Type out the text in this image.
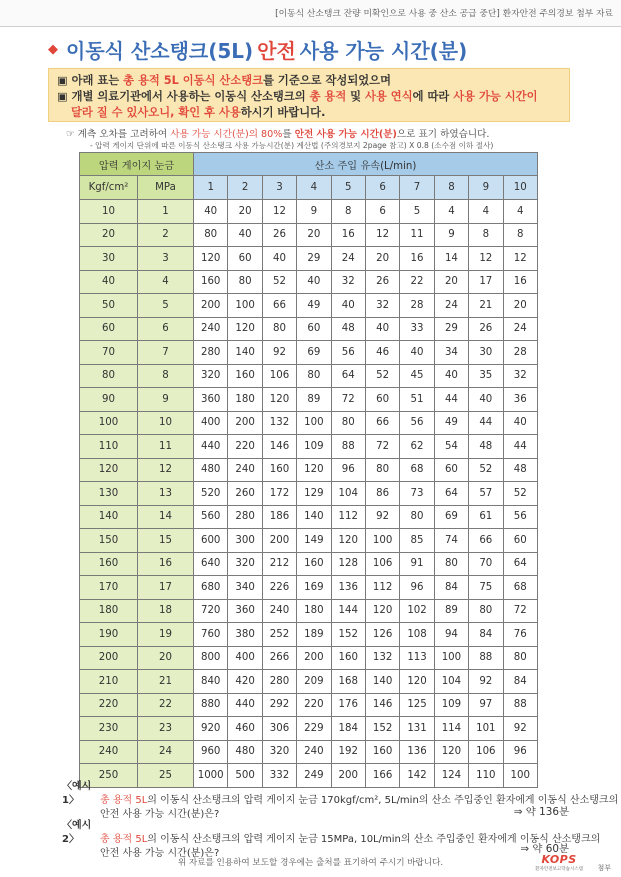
[이동식 산소탱크 잔량 미확인으로 사용 중 산소 공급 중단] 환자안전 주의경보 첨부 자료
◆ 이동식 산소탱크(5L) 안전 사용 가능 시간(분)
▣ 아래 표는 총 용적 5L 이동식 산소탱크를 기준으로 작성되었으며
▣ 개별 의료기관에서 사용하는 이동식 산소탱크의 총 용적 및 사용 연식에 따라 사용 가능 시간이
달라 질 수 있사오니, 확인 후 사용하시기 바랍니다.
☞ 계측 오차를 고려하여 사용 가능 시간(분)의 80%를 안전 사용 가능 시간(분)으로 표기 하였습니다.
- 압력 게이지 단위에 따른 이동식 산소탱크 사용 가능시간(분) 계산법 (주의경보지 2page 참고) X 0.8 (소수점 이하 절사)
압력 게이지 눈금		산소 주입 유속(L/min)									
Kgf/cm²	MPa	1	2	3	4	5	6	7	8	9	10
10	1	40	20	12	9	8	6	5	4	4	4
20	2	80	40	26	20	16	12	11	9	8	8
30	3	120	60	40	29	24	20	16	14	12	12
40	4	160	80	52	40	32	26	22	20	17	16
50	5	200	100	66	49	40	32	28	24	21	20
60	6	240	120	80	60	48	40	33	29	26	24
70	7	280	140	92	69	56	46	40	34	30	28
80	8	320	160	106	80	64	52	45	40	35	32
90	9	360	180	120	89	72	60	51	44	40	36
100	10	400	200	132	100	80	66	56	49	44	40
110	11	440	220	146	109	88	72	62	54	48	44
120	12	480	240	160	120	96	80	68	60	52	48
130	13	520	260	172	129	104	86	73	64	57	52
140	14	560	280	186	140	112	92	80	69	61	56
150	15	600	300	200	149	120	100	85	74	66	60
160	16	640	320	212	160	128	106	91	80	70	64
170	17	680	340	226	169	136	112	96	84	75	68
180	18	720	360	240	180	144	120	102	89	80	72
190	19	760	380	252	189	152	126	108	94	84	76
200	20	800	400	266	200	160	132	113	100	88	80
210	21	840	420	280	209	168	140	120	104	92	84
220	22	880	440	292	220	176	146	125	109	97	88
230	23	920	460	306	229	184	152	131	114	101	92
240	24	960	480	320	240	192	160	136	120	106	96
250	25	1000	500	332	249	200	166	142	124	110	100
〈예시1〉 총 용적 5L의 이동식 산소탱크의 압력 게이지 눈금 170kgf/cm², 5L/min의 산소 주입중인 환자에게 이동식 산소탱크의
안전 사용 가능 시간(분)은?	⇒ 약 136분
〈예시2〉 총 용적 5L의 이동식 산소탱크의 압력 게이지 눈금 15MPa, 10L/min의 산소 주입중인 환자에게 이동식 산소탱크의
안전 사용 가능 시간(분)은?	⇒ 약 60분
위 자료를 인용하여 보도할 경우에는 출처를 표기하여 주시기 바랍니다.	KOPS
환자안전보고학습시스템 첨부
